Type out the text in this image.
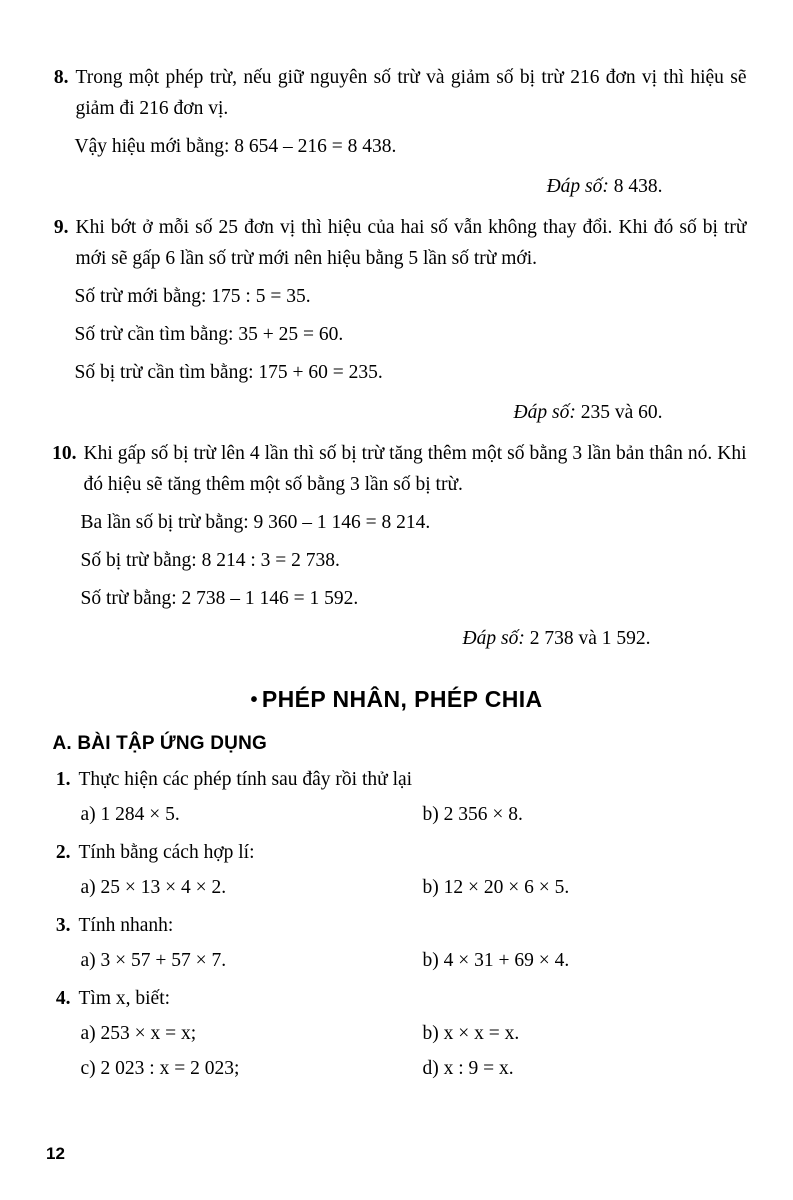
8. Trong một phép trừ, nếu giữ nguyên số trừ và giảm số bị trừ 216 đơn vị thì hiệu sẽ giảm đi 216 đơn vị.
Vậy hiệu mới bằng: 8 654 – 216 = 8 438.
Đáp số: 8 438.
9. Khi bớt ở mỗi số 25 đơn vị thì hiệu của hai số vẫn không thay đổi. Khi đó số bị trừ mới sẽ gấp 6 lần số trừ mới nên hiệu bằng 5 lần số trừ mới.
Số trừ mới bằng: 175 : 5 = 35.
Số trừ cần tìm bằng: 35 + 25 = 60.
Số bị trừ cần tìm bằng: 175 + 60 = 235.
Đáp số: 235 và 60.
10. Khi gấp số bị trừ lên 4 lần thì số bị trừ tăng thêm một số bằng 3 lần bản thân nó. Khi đó hiệu sẽ tăng thêm một số bằng 3 lần số bị trừ.
Ba lần số bị trừ bằng: 9 360 – 1 146 = 8 214.
Số bị trừ bằng: 8 214 : 3 = 2 738.
Số trừ bằng: 2 738 – 1 146 = 1 592.
Đáp số: 2 738 và 1 592.
• PHÉP NHÂN, PHÉP CHIA
A. BÀI TẬP ỨNG DỤNG
1. Thực hiện các phép tính sau đây rồi thử lại
a) 1 284 × 5.	b) 2 356 × 8.
2. Tính bằng cách hợp lí:
a) 25 × 13 × 4 × 2.	b) 12 × 20 × 6 × 5.
3. Tính nhanh:
a) 3 × 57 + 57 × 7.	b) 4 × 31 + 69 × 4.
4. Tìm x, biết:
a) 253 × x = x;	b) x × x = x.
c) 2 023 : x = 2 023;	d) x : 9 = x.
12
